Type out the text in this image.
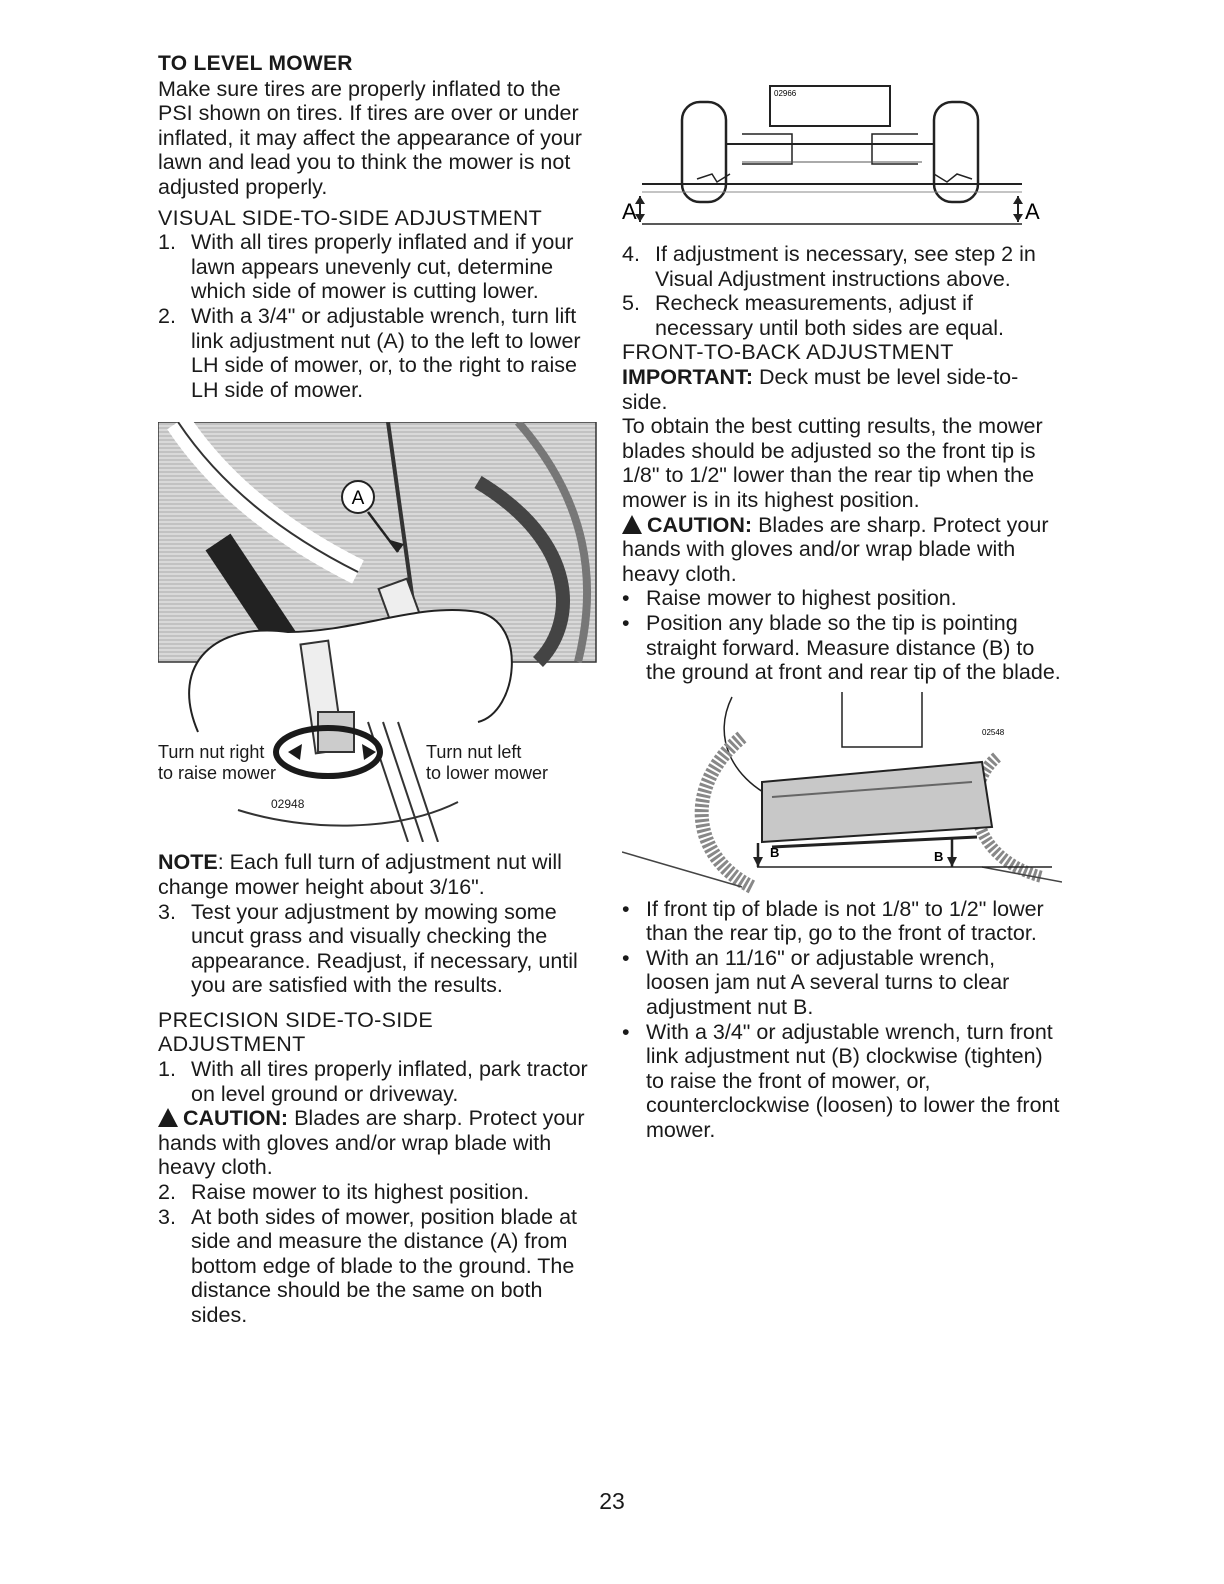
TO LEVEL MOWER

Make sure tires are properly inflated to the PSI shown on tires. If tires are over or under inflated, it may affect the appearance of your lawn and lead you to think the mower is not adjusted properly.

VISUAL SIDE-TO-SIDE ADJUSTMENT

1. With all tires properly inflated and if your lawn appears unevenly cut, determine which side of mower is cutting lower.
2. With a 3/4" or adjustable wrench, turn lift link adjustment nut (A) to the left to lower LH side of mower, or, to the right to raise LH side of mower.
A
Turn nut right
to raise mower
Turn nut left
to lower mower
02948

NOTE: Each full turn of adjustment nut will change mower height about 3/16".

3. Test your adjustment by mowing some uncut grass and visually checking the appearance. Readjust, if necessary, until you are satisfied with the results.

PRECISION SIDE-TO-SIDE

ADJUSTMENT

1. With all tires properly inflated, park tractor on level ground or driveway.

CAUTION: Blades are sharp. Protect your hands with gloves and/or wrap blade with heavy cloth.

2. Raise mower to its highest position.
3. At both sides of mower, position blade at side and measure the distance (A) from bottom edge of blade to the ground. The distance should be the same on both sides.
A	A
02966
4. If adjustment is necessary, see step 2 in Visual Adjustment instructions above.
5. Recheck measurements, adjust if necessary until both sides are equal.

FRONT-TO-BACK ADJUSTMENT

IMPORTANT: Deck must be level side-to-side.

To obtain the best cutting results, the mower blades should be adjusted so the front tip is 1/8" to 1/2" lower than the rear tip when the mower is in its highest position.

CAUTION: Blades are sharp. Protect your hands with gloves and/or wrap blade with heavy cloth.

• Raise mower to highest position.
• Position any blade so the tip is pointing straight forward. Measure distance (B) to the ground at front and rear tip of the blade.
B	B
02548
• If front tip of blade is not 1/8" to 1/2" lower than the rear tip, go to the front of tractor.
• With an 11/16" or adjustable wrench, loosen jam nut A several turns to clear adjustment nut B.
• With a 3/4" or adjustable wrench, turn front link adjustment nut (B) clockwise (tighten) to raise the front of mower, or, counterclockwise (loosen) to lower the front mower.
23
